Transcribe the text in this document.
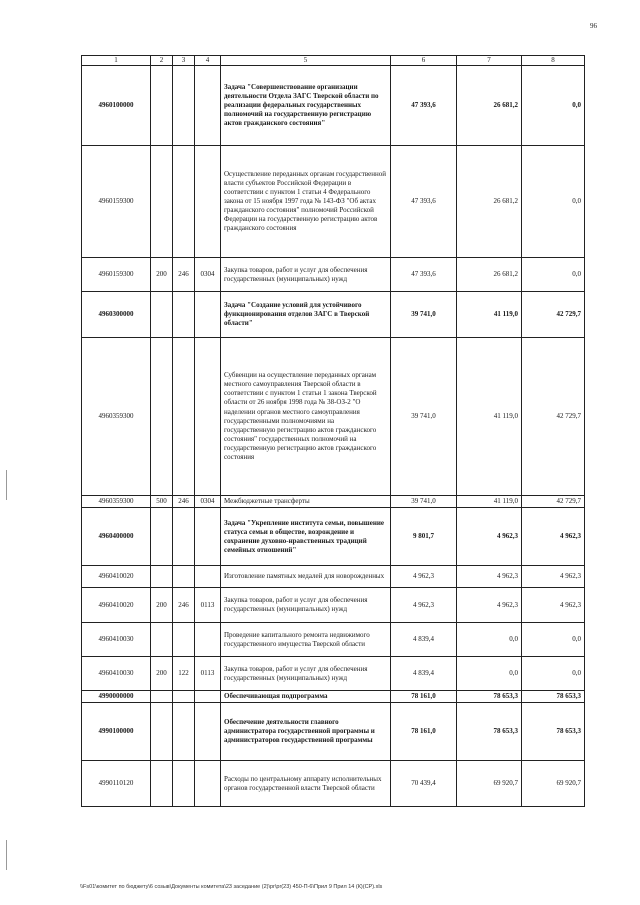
96
1	2	3	4	5	6	7	8
4960100000				Задача "Совершенствование организации деятельности Отдела ЗАГС Тверской области по реализации федеральных государственных полномочий на государственную регистрацию актов гражданского состояния"	47 393,6	26 681,2	0,0
4960159300				Осуществление переданных органам государственной власти субъектов Российской Федерации в соответствии с пунктом 1 статьи 4 Федерального закона от 15 ноября 1997 года № 143-ФЗ "Об актах гражданского состояния" полномочий Российской Федерации на государственную регистрацию актов гражданского состояния	47 393,6	26 681,2	0,0
4960159300	200	246	0304	Закупка товаров, работ и услуг для обеспечения государственных (муниципальных) нужд	47 393,6	26 681,2	0,0
4960300000				Задача "Создание условий для устойчивого функционирования отделов ЗАГС в Тверской области"	39 741,0	41 119,0	42 729,7
4960359300				Субвенции на осуществление переданных органам местного самоуправления Тверской области в соответствии с пунктом 1 статьи 1 закона Тверской области от 26 ноября 1998 года № 38-ОЗ-2 "О наделении органов местного самоуправления государственными полномочиями на государственную регистрацию актов гражданского состояния" государственных полномочий на государственную регистрацию актов гражданского состояния	39 741,0	41 119,0	42 729,7
4960359300	500	246	0304	Межбюджетные трансферты	39 741,0	41 119,0	42 729,7
4960400000				Задача "Укрепление института семьи, повышение статуса семьи в обществе, возрождение и сохранение духовно-нравственных традиций семейных отношений"	9 801,7	4 962,3	4 962,3
4960410020				Изготовление памятных медалей для новорожденных	4 962,3	4 962,3	4 962,3
4960410020	200	246	0113	Закупка товаров, работ и услуг для обеспечения государственных (муниципальных) нужд	4 962,3	4 962,3	4 962,3
4960410030				Проведение капитального ремонта недвижимого государственного имущества Тверской области	4 839,4	0,0	0,0
4960410030	200	122	0113	Закупка товаров, работ и услуг для обеспечения государственных (муниципальных) нужд	4 839,4	0,0	0,0
4990000000				Обеспечивающая подпрограмма	78 161,0	78 653,3	78 653,3
4990100000				Обеспечение деятельности главного администратора государственной программы и администраторов государственной программы	78 161,0	78 653,3	78 653,3
4990110120				Расходы по центральному аппарату исполнительных органов государственной власти Тверской области	70 439,4	69 920,7	69 920,7
\\Fs01\комитет по бюджету\6 созыв\Документы комитета\23 заседание (2)\pr\pr(23) 450-П-6\Прил 9 Прил 14 (К)(СР).xls
